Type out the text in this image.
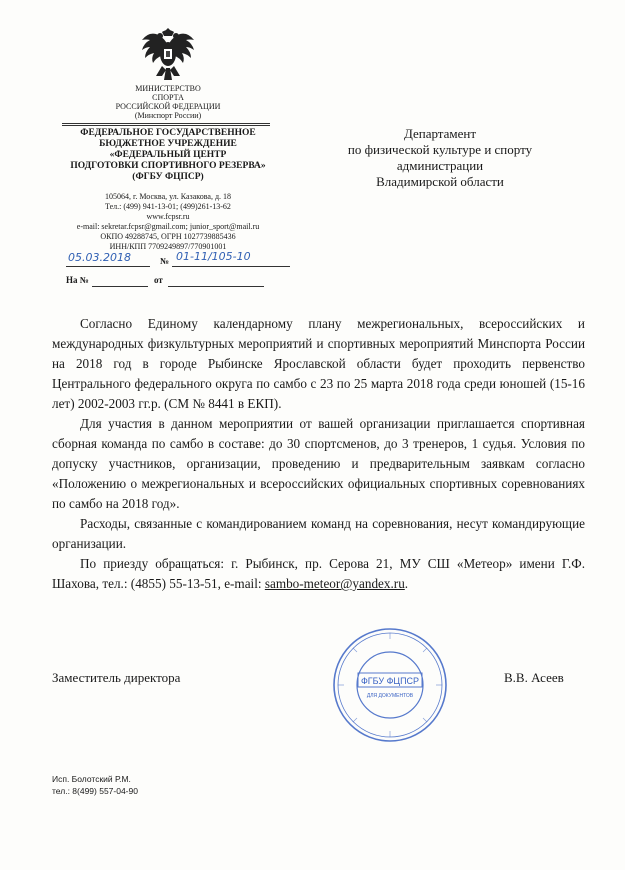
МИНИСТЕРСТВО
СПОРТА
РОССИЙСКОЙ ФЕДЕРАЦИИ
(Минспорт России)
ФЕДЕРАЛЬНОЕ ГОСУДАРСТВЕННОЕ
БЮДЖЕТНОЕ УЧРЕЖДЕНИЕ
«ФЕДЕРАЛЬНЫЙ ЦЕНТР
ПОДГОТОВКИ СПОРТИВНОГО РЕЗЕРВА»
(ФГБУ ФЦПСР)
105064, г. Москва, ул. Казакова, д. 18
Тел.: (499) 941-13-01; (499)261-13-62
www.fcpsr.ru
e-mail: sekretar.fcpsr@gmail.com; junior_sport@mail.ru
ОКПО 49288745, ОГРН 1027739885436
ИНН/КПП 7709249897/770901001
05.03.2018	№ 01-11/105-10
На №	от
Департамент
по физической культуре и спорту
администрации
Владимирской области

Согласно Единому календарному плану межрегиональных, всероссийских и международных физкультурных мероприятий и спортивных мероприятий Минспорта России на 2018 год в городе Рыбинске Ярославской области будет проходить первенство Центрального федерального округа по самбо с 23 по 25 марта 2018 года среди юношей (15-16 лет) 2002-2003 гг.р. (СМ № 8441 в ЕКП).

Для участия в данном мероприятии от вашей организации приглашается спортивная сборная команда по самбо в составе: до 30 спортсменов, до 3 тренеров, 1 судья. Условия по допуску участников, организации, проведению и предварительным заявкам согласно «Положению о межрегиональных и всероссийских официальных спортивных соревнованиях по самбо на 2018 год».

Расходы, связанные с командированием команд на соревнования, несут командирующие организации.

По приезду обращаться: г. Рыбинск, пр. Серова 21, МУ СШ «Метеор» имени Г.Ф. Шахова, тел.: (4855) 55-13-51, e-mail: sambo-meteor@yandex.ru.

ФГБУ ФЦПСР
ДЛЯ ДОКУМЕНТОВ
Заместитель директора	В.В. Асеев
Исп. Болотский Р.М.
тел.: 8(499) 557-04-90
